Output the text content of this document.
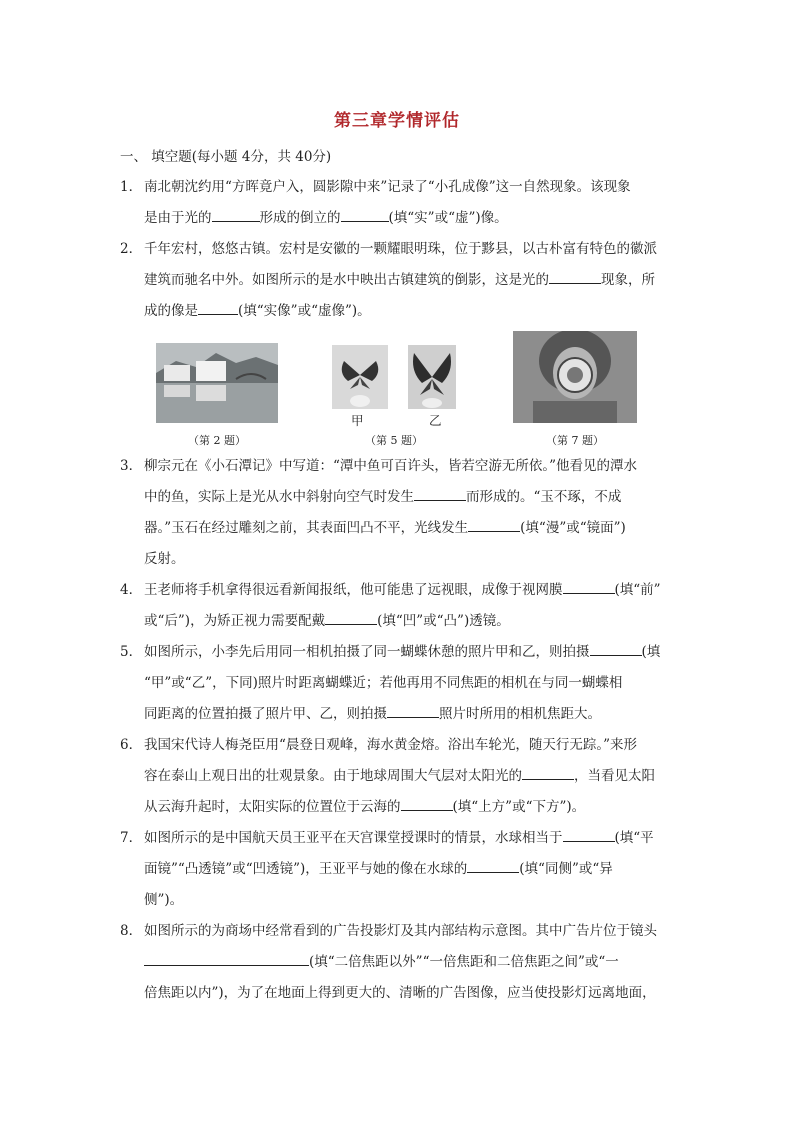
第三章学情评估
一、 填空题(每小题 4分，共 40分)
1． 南北朝沈约用“方晖竟户入，圆影隙中来”记录了“小孔成像”这一自然现象。该现象
是由于光的	形成的倒立的	(填“实”或“虚”)像。
2． 千年宏村，悠悠古镇。宏村是安徽的一颗耀眼明珠，位于黟县，以古朴富有特色的徽派
建筑而驰名中外。如图所示的是水中映出古镇建筑的倒影，这是光的	现象，所
成的像是	(填“实像”或“虚像”)。
甲	乙
（第 2 题）	（第 5 题）	（第 7 题）
3． 柳宗元在《小石潭记》中写道：“潭中鱼可百许头，皆若空游无所依。”他看见的潭水
中的鱼，实际上是光从水中斜射向空气时发生	而形成的。“玉不琢，不成
器。”玉石在经过雕刻之前，其表面凹凸不平，光线发生	(填“漫”或“镜面”)
反射。
4． 王老师将手机拿得很远看新闻报纸，他可能患了远视眼，成像于视网膜	(填“前”
或“后”)，为矫正视力需要配戴	(填“凹”或“凸”)透镜。
5． 如图所示，小李先后用同一相机拍摄了同一蝴蝶休憩的照片甲和乙，则拍摄	(填
“甲”或“乙”，下同)照片时距离蝴蝶近；若他再用不同焦距的相机在与同一蝴蝶相
同距离的位置拍摄了照片甲、乙，则拍摄	照片时所用的相机焦距大。
6． 我国宋代诗人梅尧臣用“晨登日观峰，海水黄金熔。浴出车轮光，随天行无踪。”来形
容在泰山上观日出的壮观景象。由于地球周围大气层对太阳光的	，当看见太阳
从云海升起时，太阳实际的位置位于云海的	(填“上方”或“下方”)。
7． 如图所示的是中国航天员王亚平在天宫课堂授课时的情景，水球相当于	(填“平
面镜”“凸透镜”或“凹透镜”)，王亚平与她的像在水球的	(填“同侧”或“异
侧”)。
8． 如图所示的为商场中经常看到的广告投影灯及其内部结构示意图。其中广告片位于镜头
(填“二倍焦距以外”“一倍焦距和二倍焦距之间”或“一
倍焦距以内”)，为了在地面上得到更大的、清晰的广告图像，应当使投影灯远离地面，
